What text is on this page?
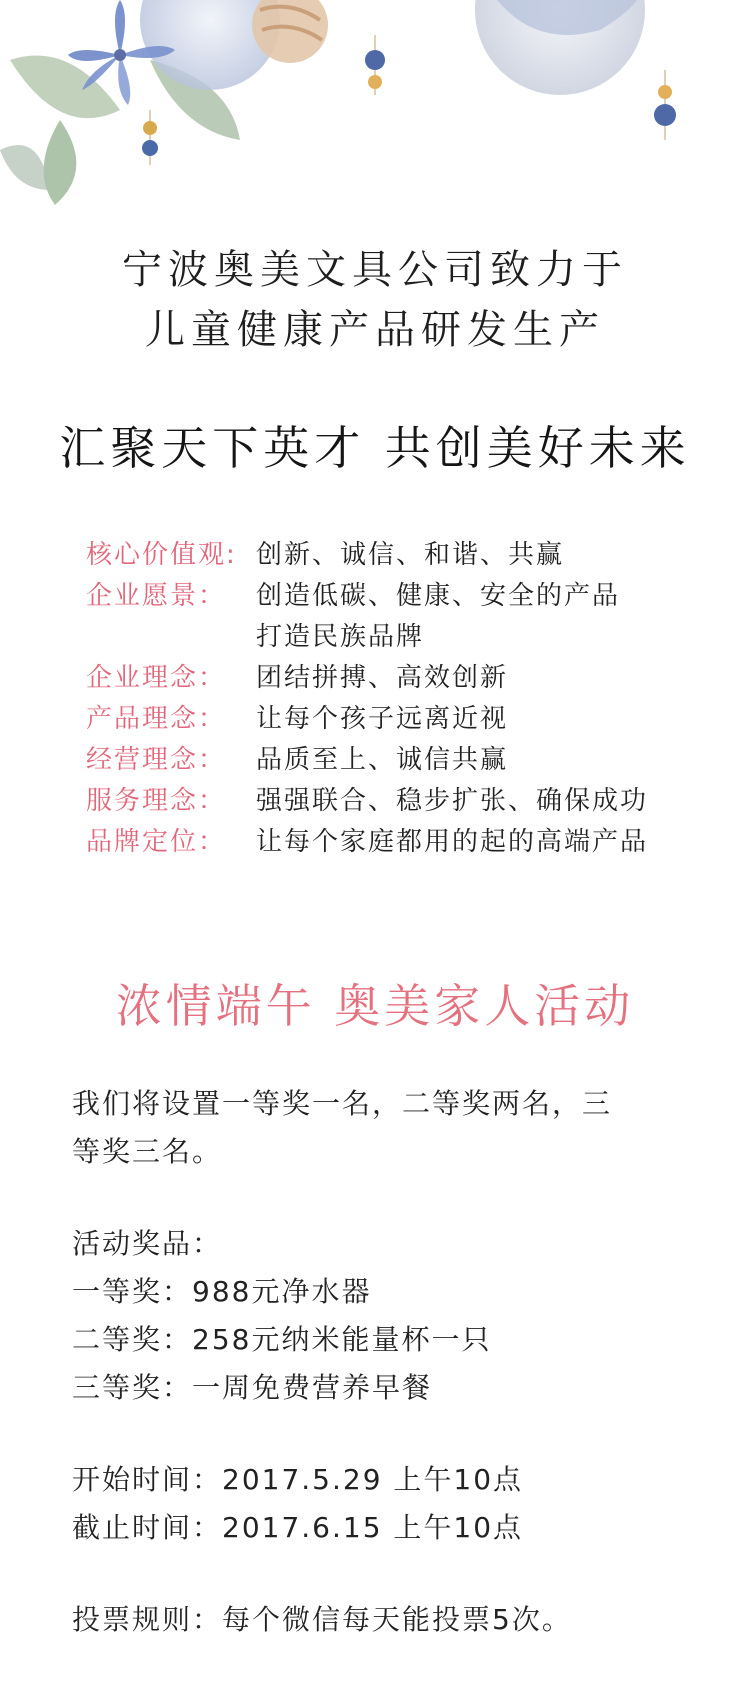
宁波奥美文具公司致力于
儿童健康产品研发生产
汇聚天下英才 共创美好未来
核心价值观: 创新、诚信、和谐、共赢
企业愿景：	创造低碳、健康、安全的产品
打造民族品牌
企业理念：	团结拼搏、高效创新
产品理念：	让每个孩子远离近视
经营理念：	品质至上、诚信共赢
服务理念：	强强联合、稳步扩张、确保成功
品牌定位：	让每个家庭都用的起的高端产品
浓情端午 奥美家人活动
我们将设置一等奖一名，二等奖两名，三
等奖三名。
活动奖品：
一等奖：988元净水器
二等奖：258元纳米能量杯一只
三等奖：一周免费营养早餐
开始时间：2017.5.29 上午10点
截止时间：2017.6.15 上午10点
投票规则：每个微信每天能投票5次。
